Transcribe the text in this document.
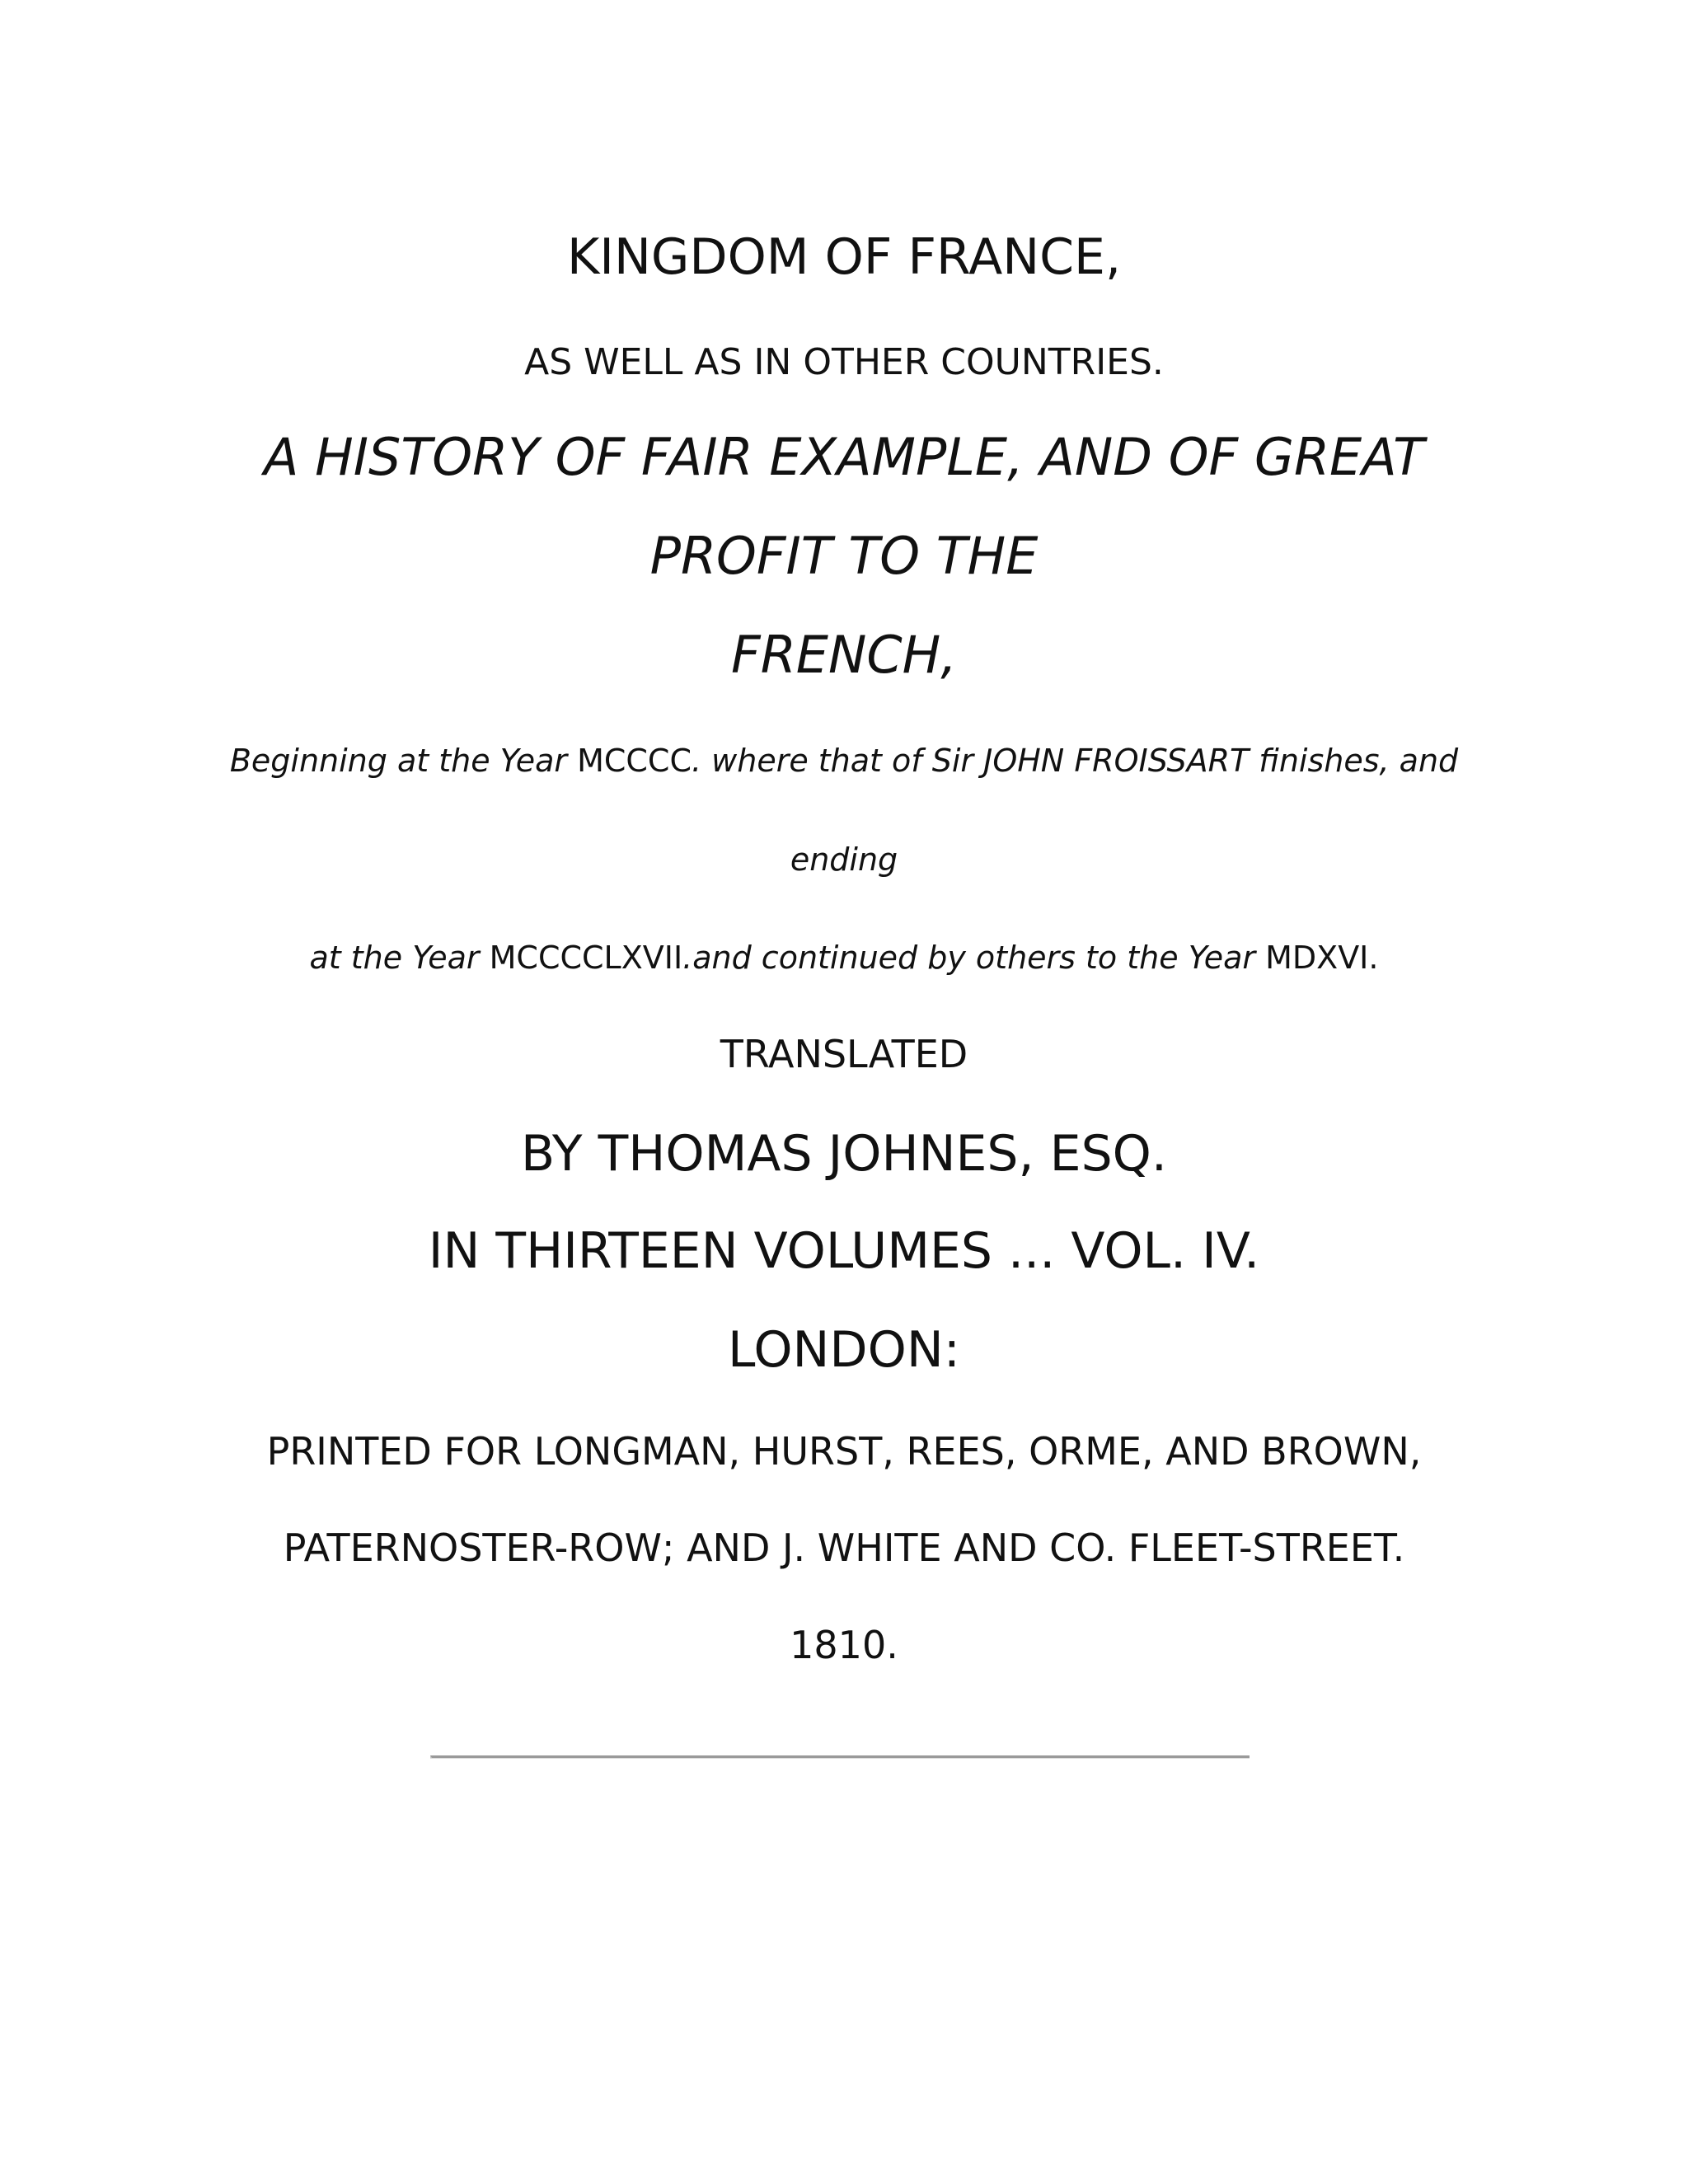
KINGDOM OF FRANCE,
AS WELL AS IN OTHER COUNTRIES.
A HISTORY OF FAIR EXAMPLE, AND OF GREAT
PROFIT TO THE
FRENCH,
Beginning at the Year MCCCC. where that of Sir JOHN FROISSART finishes, and
ending
at the Year MCCCCLXVII.and continued by others to the Year MDXVI.
TRANSLATED
BY THOMAS JOHNES, ESQ.
IN THIRTEEN VOLUMES ... VOL. IV.
LONDON:
PRINTED FOR LONGMAN, HURST, REES, ORME, AND BROWN,
PATERNOSTER-ROW; AND J. WHITE AND CO. FLEET-STREET.
1810.
